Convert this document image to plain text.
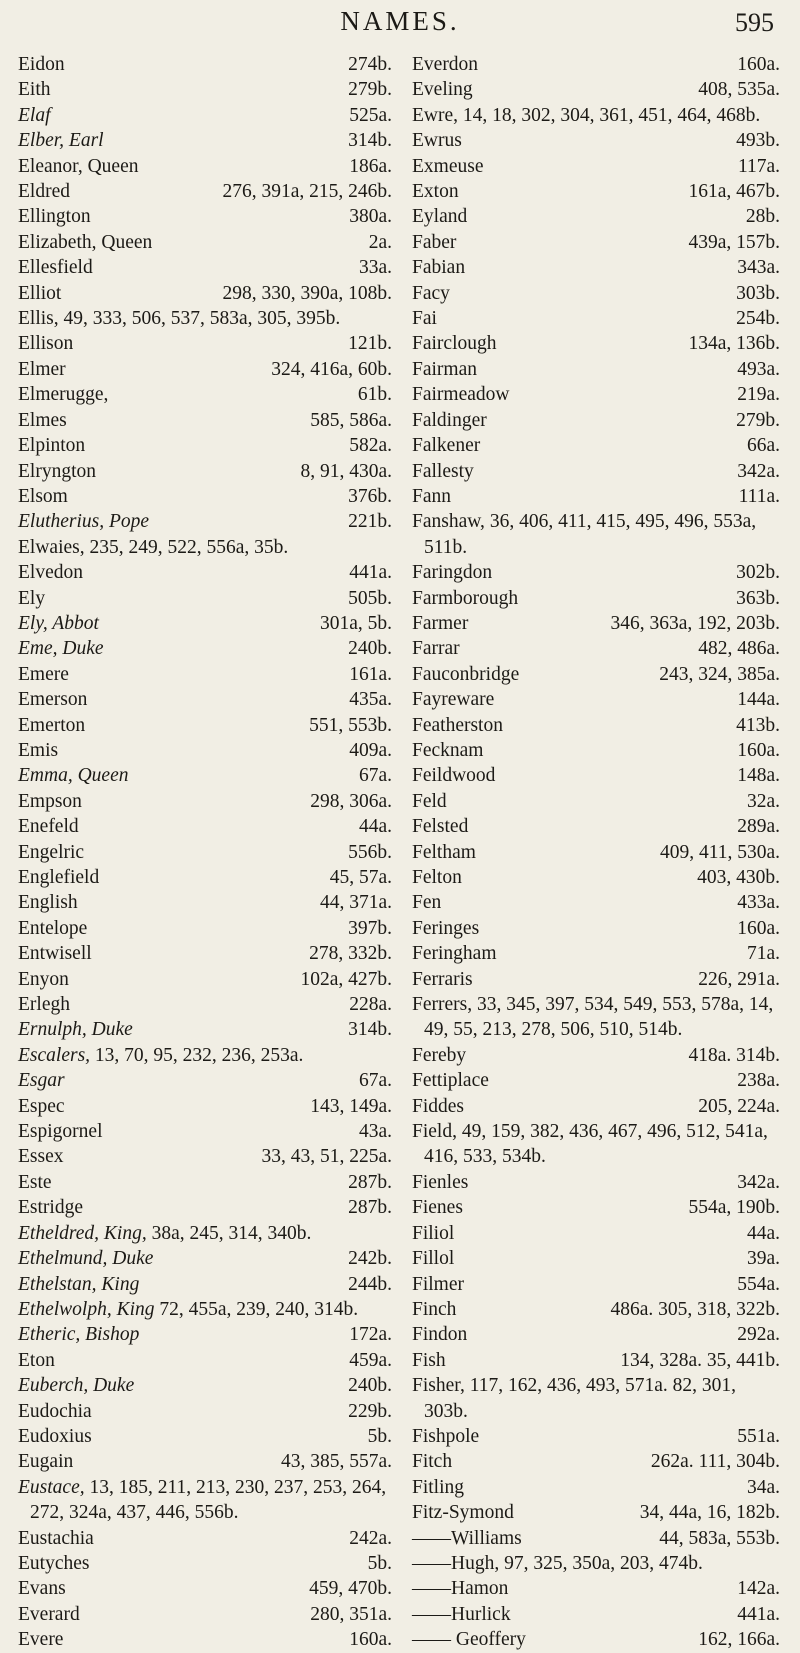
NAMES.	595
274b.
Eidon
279b.
Eith
525a.
Elaf
314b.
Elber, Earl
186a.
Eleanor, Queen
276, 391a, 215, 246b.
Eldred
380a.
Ellington
2a.
Elizabeth, Queen
33a.
Ellesfield
298, 330, 390a, 108b.
Elliot
Ellis, 49, 333, 506, 537, 583a, 305, 395b.
121b.
Ellison
324, 416a, 60b.
Elmer
61b.
Elmerugge,
585, 586a.
Elmes
582a.
Elpinton
8, 91, 430a.
Elryngton
376b.
Elsom
221b.
Elutherius, Pope
Elwaies, 235, 249, 522, 556a, 35b.
441a.
Elvedon
505b.
Ely
301a, 5b.
Ely, Abbot
240b.
Eme, Duke
161a.
Emere
435a.
Emerson
551, 553b.
Emerton
409a.
Emis
67a.
Emma, Queen
298, 306a.
Empson
44a.
Enefeld
556b.
Engelric
45, 57a.
Englefield
44, 371a.
English
397b.
Entelope
278, 332b.
Entwisell
102a, 427b.
Enyon
228a.
Erlegh
314b.
Ernulph, Duke
Escalers, 13, 70, 95, 232, 236, 253a.
67a.
Esgar
143, 149a.
Espec
43a.
Espigornel
33, 43, 51, 225a.
Essex
287b.
Este
287b.
Estridge
Etheldred, King, 38a, 245, 314, 340b.
242b.
Ethelmund, Duke
244b.
Ethelstan, King
Ethelwolph, King 72, 455a, 239, 240, 314b.
172a.
Etheric, Bishop
459a.
Eton
240b.
Euberch, Duke
229b.
Eudochia
5b.
Eudoxius
43, 385, 557a.
Eugain
Eustace, 13, 185, 211, 213, 230, 237, 253, 264, 272, 324a, 437, 446, 556b.
242a.
Eustachia
5b.
Eutyches
459, 470b.
Evans
280, 351a.
Everard
160a.
Evere
160a.
Everdon
408, 535a.
Eveling
Ewre, 14, 18, 302, 304, 361, 451, 464, 468b.
493b.
Ewrus
117a.
Exmeuse
161a, 467b.
Exton
28b.
Eyland
439a, 157b.
Faber
343a.
Fabian
303b.
Facy
254b.
Fai
134a, 136b.
Fairclough
493a.
Fairman
219a.
Fairmeadow
279b.
Faldinger
66a.
Falkener
342a.
Fallesty
111a.
Fann
Fanshaw, 36, 406, 411, 415, 495, 496, 553a, 511b.
302b.
Faringdon
363b.
Farmborough
346, 363a, 192, 203b.
Farmer
482, 486a.
Farrar
243, 324, 385a.
Fauconbridge
144a.
Fayreware
413b.
Featherston
160a.
Fecknam
148a.
Feildwood
32a.
Feld
289a.
Felsted
409, 411, 530a.
Feltham
403, 430b.
Felton
433a.
Fen
160a.
Feringes
71a.
Feringham
226, 291a.
Ferraris
Ferrers, 33, 345, 397, 534, 549, 553, 578a, 14, 49, 55, 213, 278, 506, 510, 514b.
418a. 314b.
Fereby
238a.
Fettiplace
205, 224a.
Fiddes
Field, 49, 159, 382, 436, 467, 496, 512, 541a, 416, 533, 534b.
342a.
Fienles
554a, 190b.
Fienes
44a.
Filiol
39a.
Fillol
554a.
Filmer
486a. 305, 318, 322b.
Finch
292a.
Findon
134, 328a. 35, 441b.
Fish
Fisher, 117, 162, 436, 493, 571a. 82, 301, 303b.
551a.
Fishpole
262a. 111, 304b.
Fitch
34a.
Fitling
34, 44a, 16, 182b.
Fitz-Symond
44, 583a, 553b.
——Williams
——Hugh, 97, 325, 350a, 203, 474b.
142a.
——Hamon
441a.
——Hurlick
162, 166a.
—— Geoffery
